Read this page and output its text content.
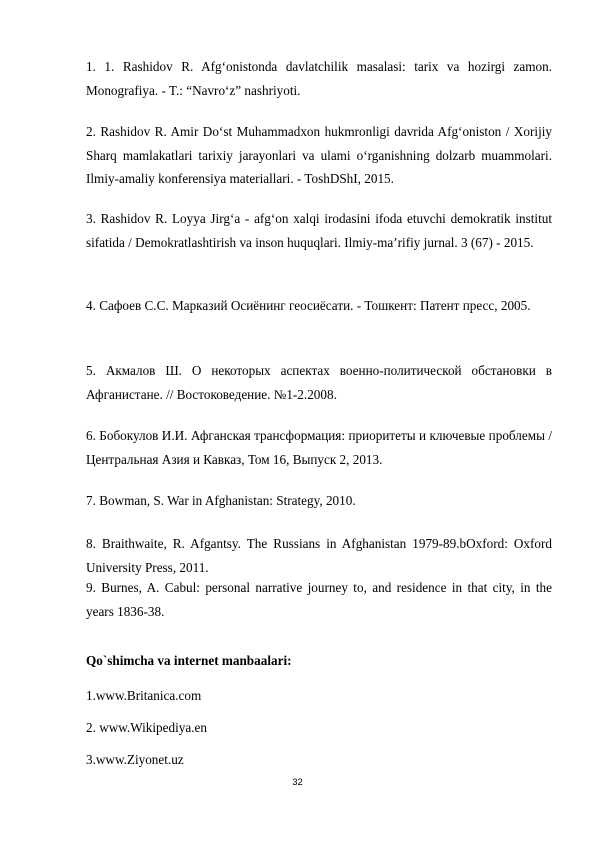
1. 1. Rashidov R. Afg‘onistonda davlatchilik masalasi: tarix va hozirgi zamon. Monografiya. - T.: “Navro‘z” nashriyoti.

2. Rashidov R. Amir Do‘st Muhammadxon hukmronligi davrida Afg‘oniston / Xorijiy Sharq mamlakatlari tarixiy jarayonlari va ulami o‘rganishning dolzarb muammolari. Ilmiy-amaliy konferensiya materiallari. - ToshDShI, 2015.

3. Rashidov R. Loyya Jirg‘a - afg‘on xalqi irodasini ifoda etuvchi demokratik institut sifatida / Demokratlashtirish va inson huquqlari. Ilmiy-ma’rifiy jurnal. 3 (67) - 2015.

4. Сафоев С.С. Марказий Осиёнинг геосиёсати. - Тошкент: Патент пресс, 2005.

5. Акмалов Ш. О некоторых аспектах военно-политической обстановки в Афганистане. // Востоковедение. №1-2.2008.

6. Бобокулов И.И. Афганская трансформация: приоритеты и ключевые проблемы / Центральная Азия и Кавказ, Том 16, Выпуск 2, 2013.

7. Bowman, S. War in Afghanistan: Strategy, 2010.

8. Braithwaite, R. Afgantsy. The Russians in Afghanistan 1979-89.bOxford: Oxford University Press, 2011.

9. Burnes, A. Cabul: personal narrative journey to, and residence in that city, in the years 1836-38.

Qo`shimcha va internet manbaalari:

1.www.Britanica.com

2. www.Wikipediya.en

3.www.Ziyonet.uz

32
